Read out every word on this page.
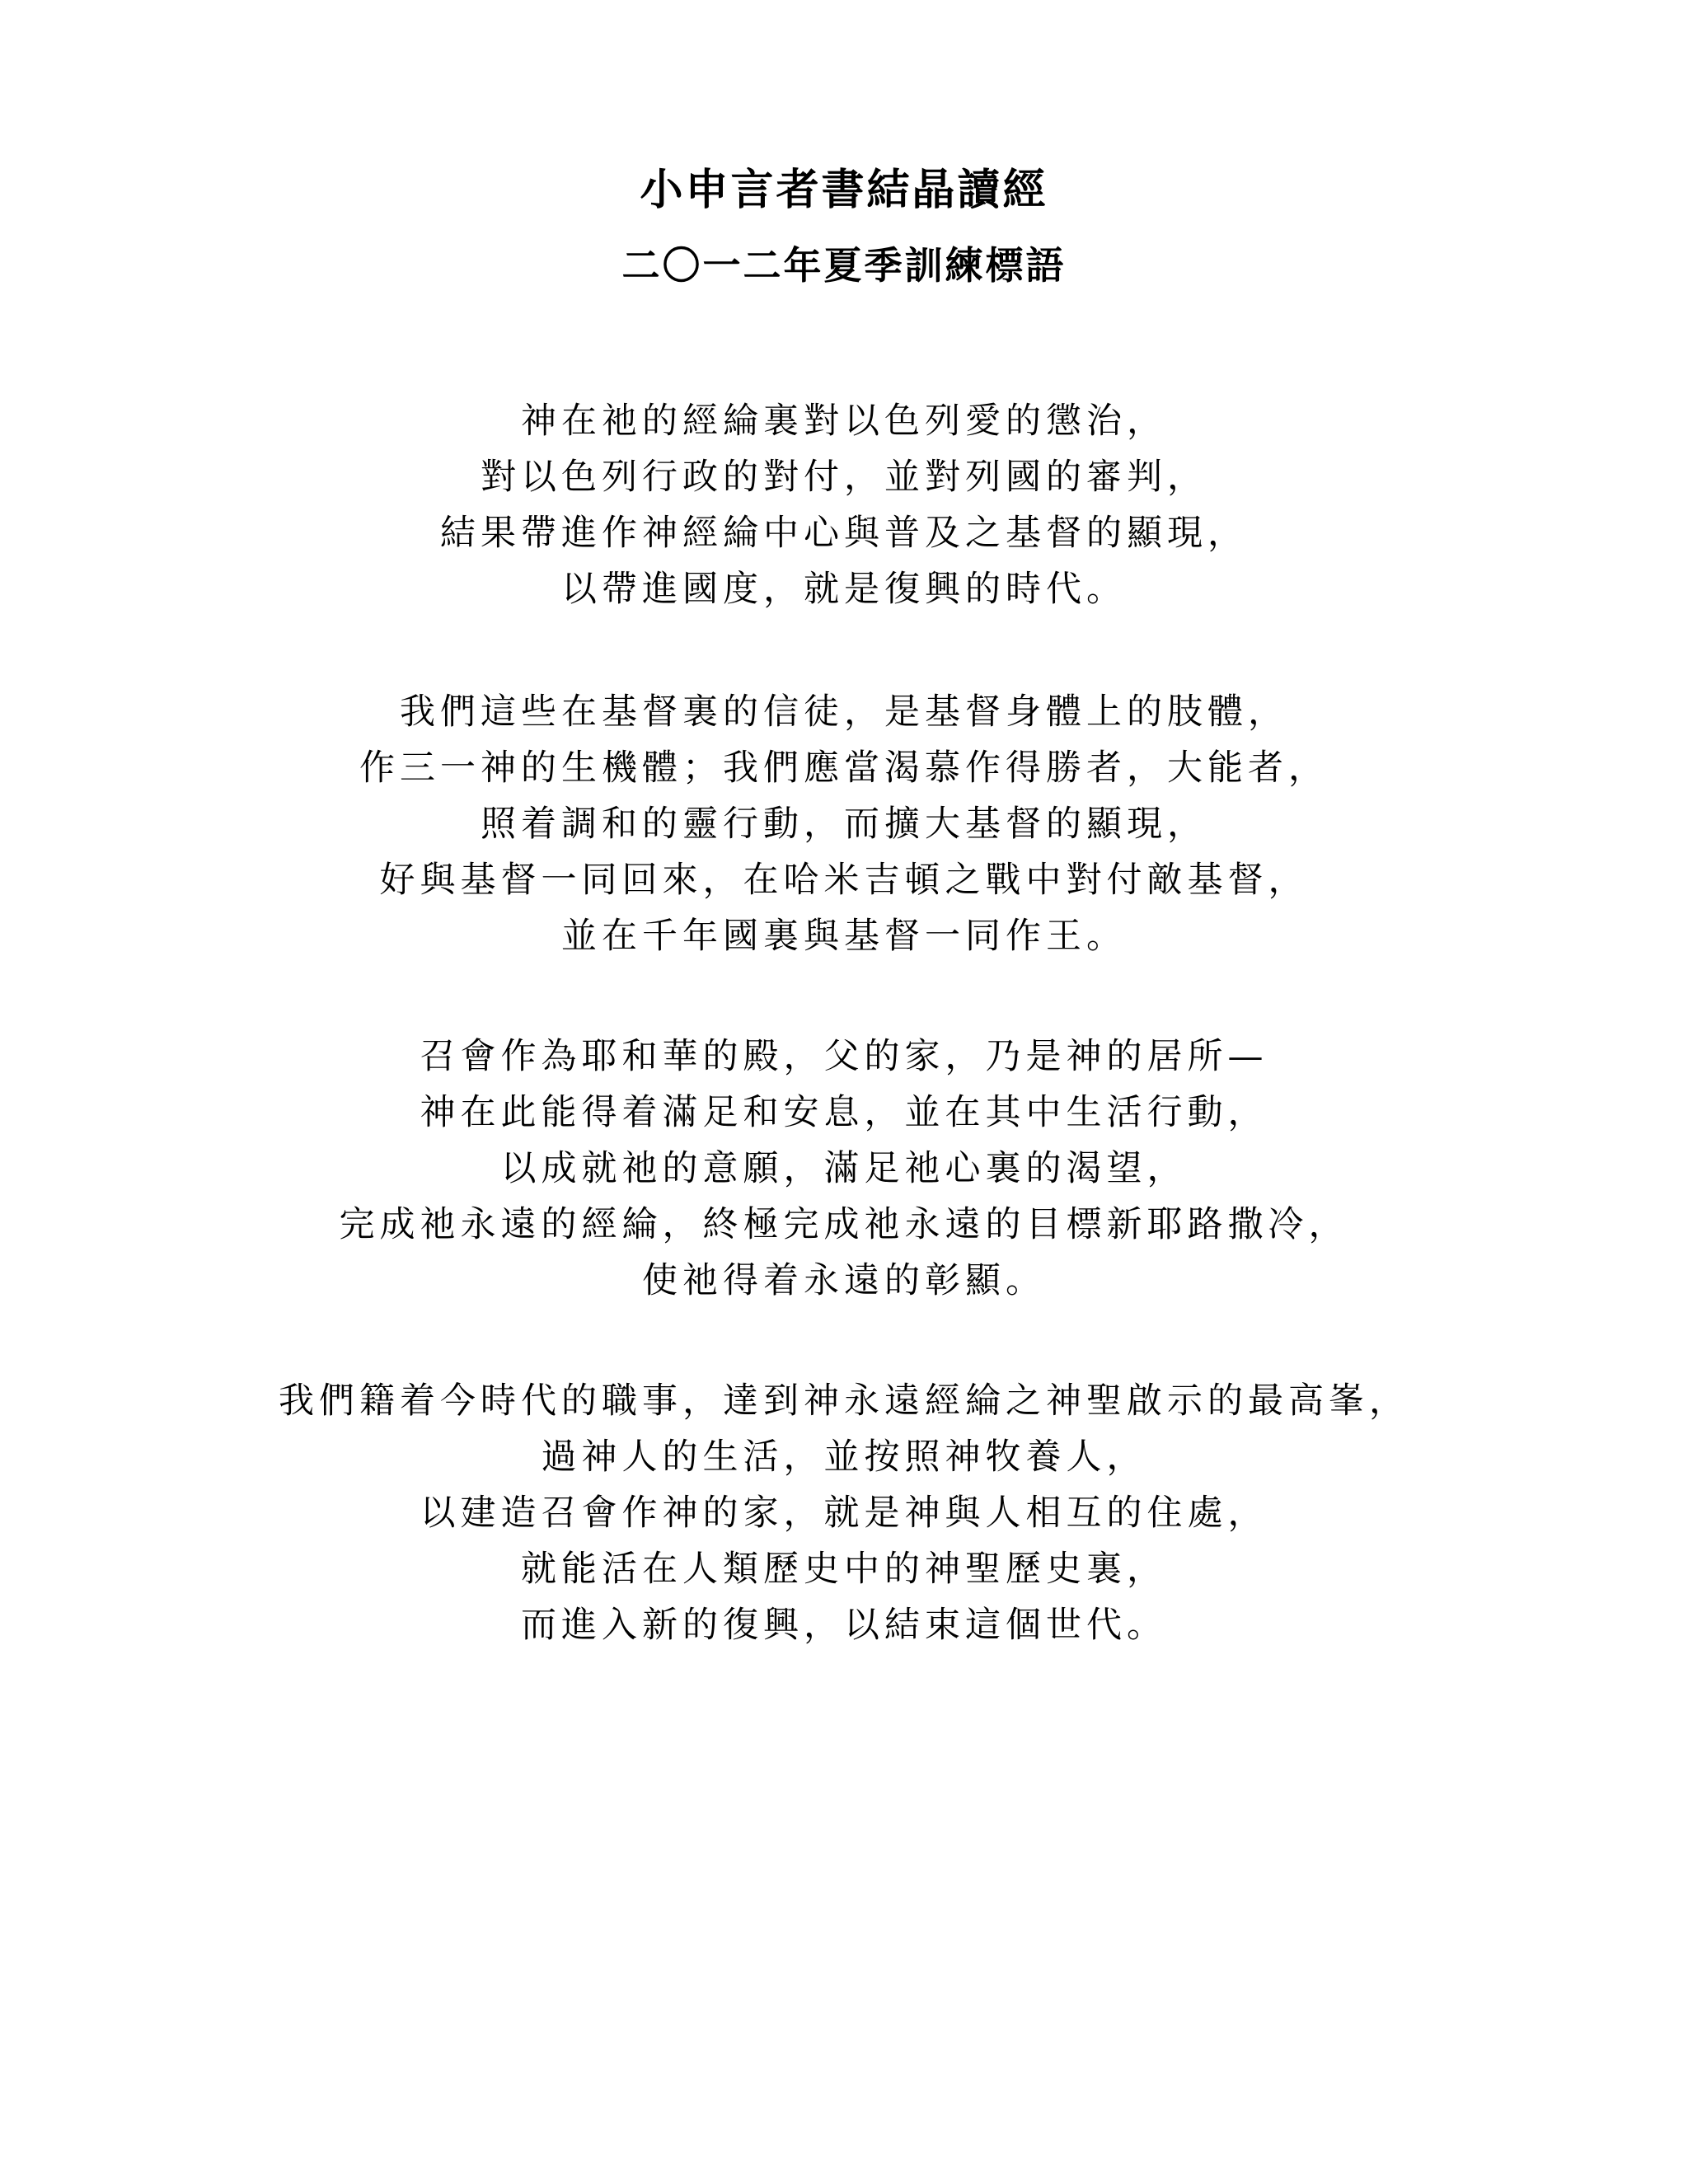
小申言者書結晶讀經
二〇一二年夏季訓練標語
神在祂的經綸裏對以色列愛的懲治，
對以色列行政的對付，並對列國的審判，
結果帶進作神經綸中心與普及之基督的顯現，
以帶進國度，就是復興的時代。
我們這些在基督裏的信徒，是基督身體上的肢體，
作三一神的生機體；我們應當渴慕作得勝者，大能者，
照着調和的靈行動，而擴大基督的顯現，
好與基督一同回來，在哈米吉頓之戰中對付敵基督，
並在千年國裏與基督一同作王。
召會作為耶和華的殿，父的家，乃是神的居所—
神在此能得着滿足和安息，並在其中生活行動，
以成就祂的意願，滿足祂心裏的渴望，
完成祂永遠的經綸，終極完成祂永遠的目標新耶路撒冷，
使祂得着永遠的彰顯。
我們籍着今時代的職事，達到神永遠經綸之神聖啟示的最高峯，
過神人的生活，並按照神牧養人，
以建造召會作神的家，就是神與人相互的住處，
就能活在人類歷史中的神聖歷史裏，
而進入新的復興，以結束這個世代。
